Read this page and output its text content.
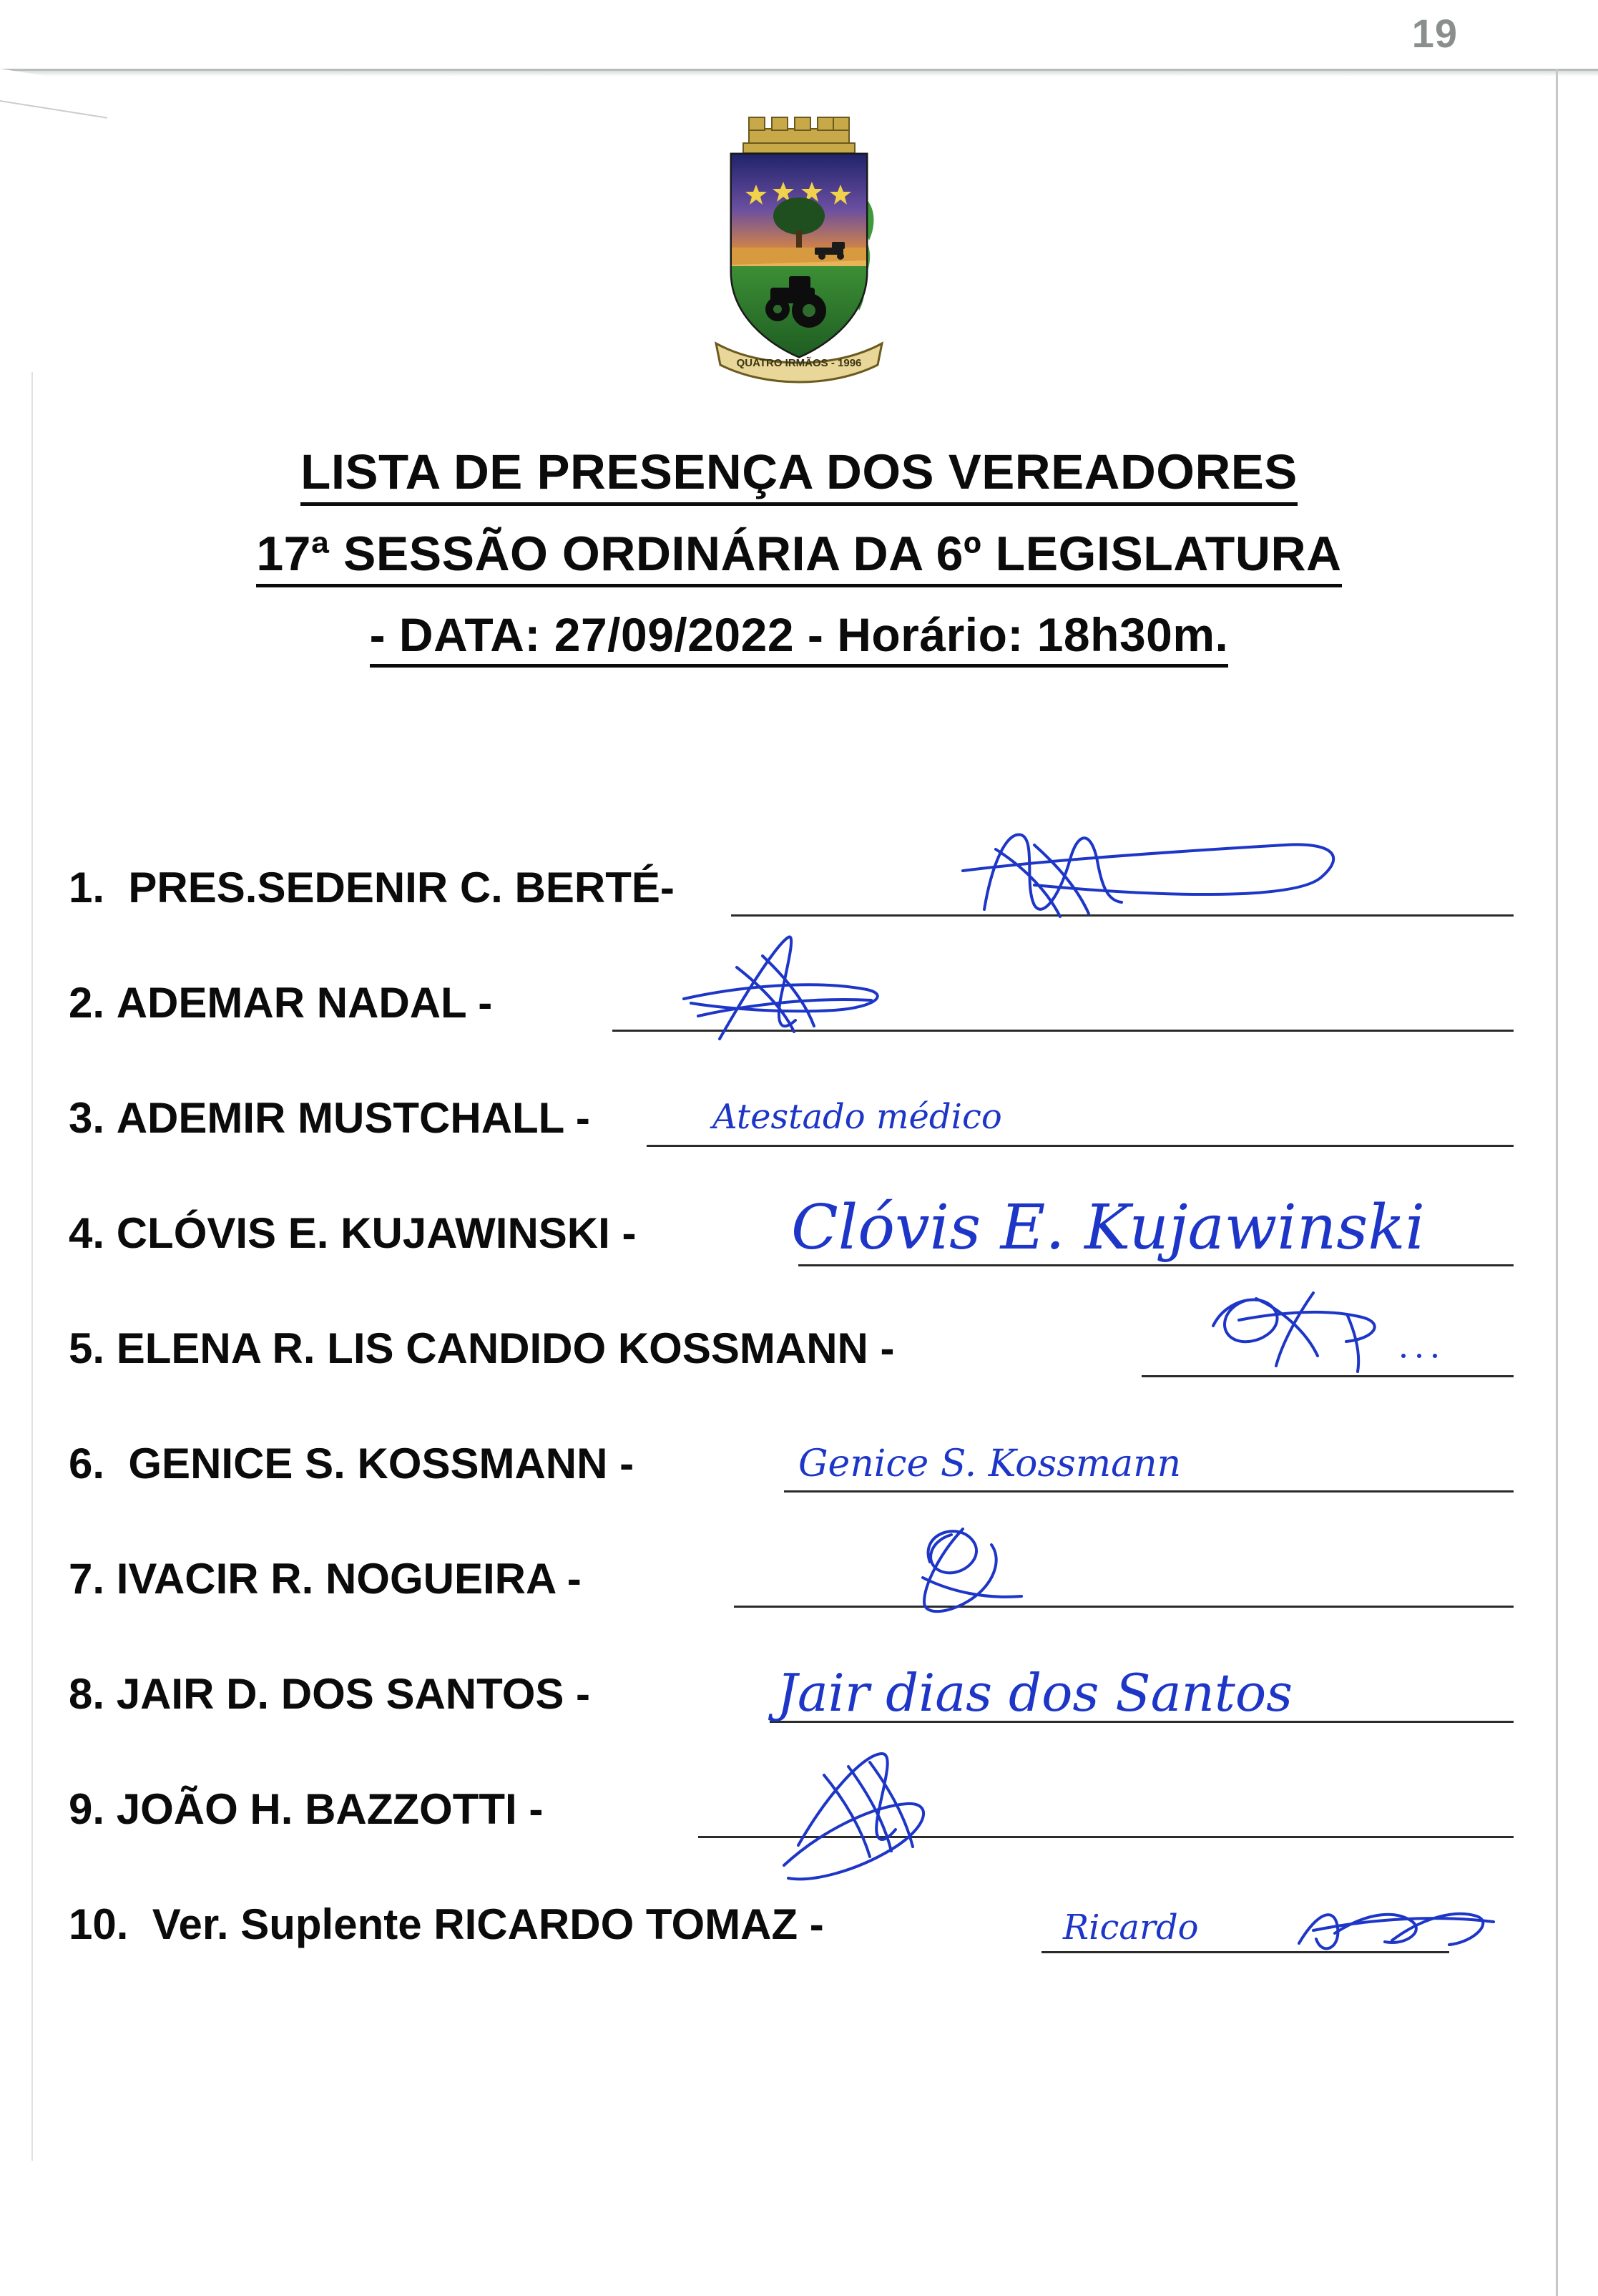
19
QUATRO IRMÃOS - 1996
LISTA DE PRESENÇA DOS VEREADORES
17ª SESSÃO ORDINÁRIA DA 6º LEGISLATURA
- DATA: 27/09/2022 - Horário: 18h30m.
1. PRES.SEDENIR C. BERTÉ-
2. ADEMAR NADAL -
3. ADEMIR MUSTCHALL -	Atestado médico
4. CLÓVIS E. KUJAWINSKI -	Clóvis E. Kujawinski
5. ELENA R. LIS CANDIDO KOSSMANN -
6. GENICE S. KOSSMANN -	Genice S. Kossmann
7. IVACIR R. NOGUEIRA -
8. JAIR D. DOS SANTOS -	Jair dias dos Santos
9. JOÃO H. BAZZOTTI -
10. Ver. Suplente RICARDO TOMAZ -	Ricardo
